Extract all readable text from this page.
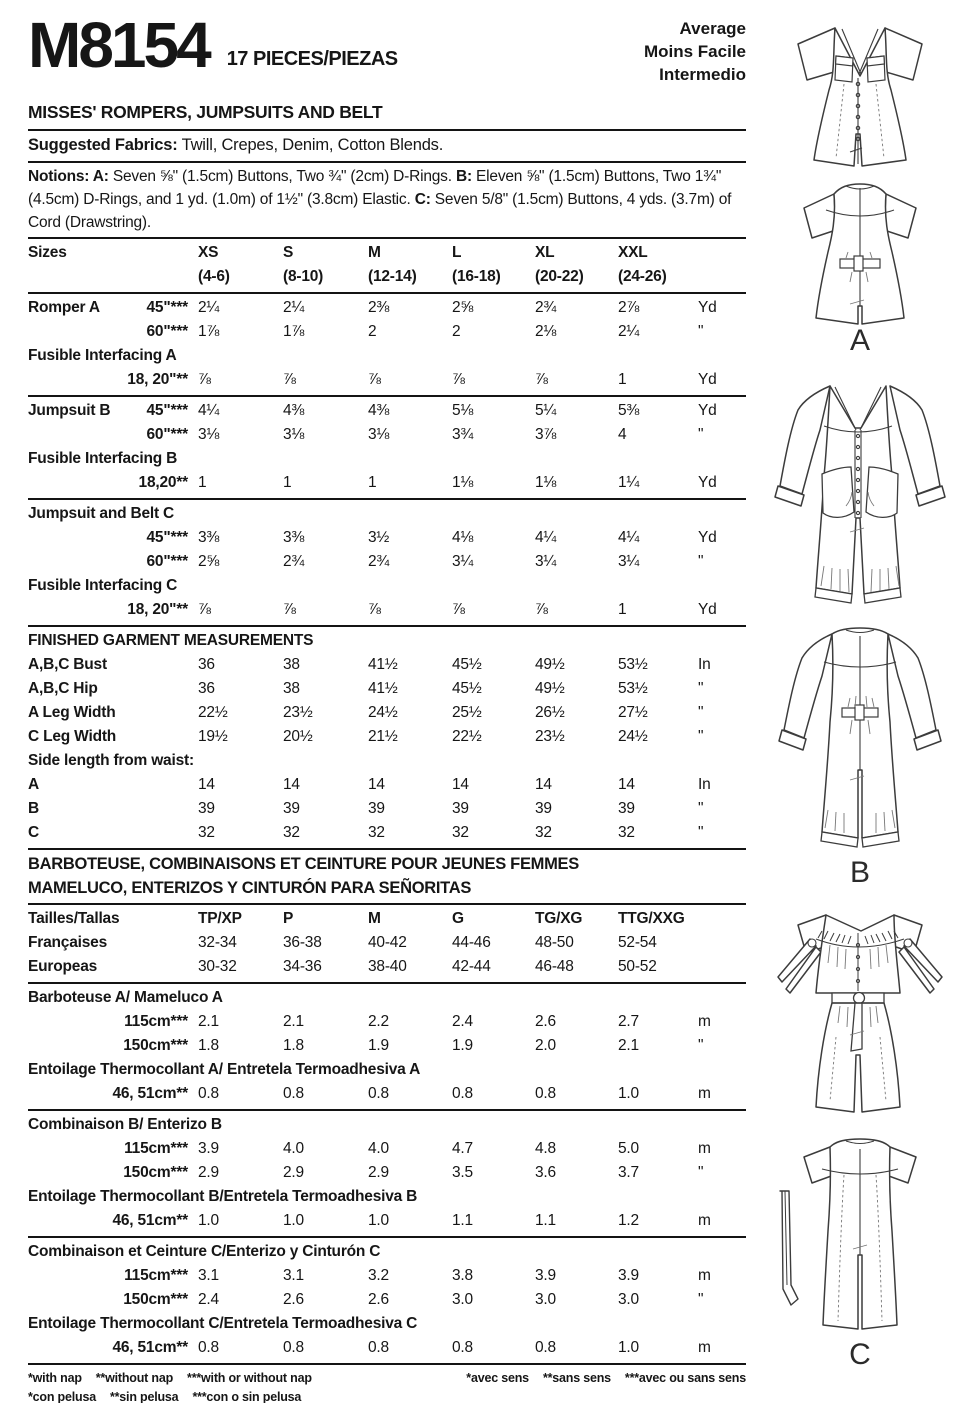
M8154 17 PIECES/PIEZAS
Average
Moins Facile
Intermedio
MISSES' ROMPERS, JUMPSUITS AND BELT
Suggested Fabrics: Twill, Crepes, Denim, Cotton Blends.
Notions: A: Seven ⅝" (1.5cm) Buttons, Two ¾" (2cm) D-Rings. B: Eleven ⅝" (1.5cm) Buttons, Two 1¾" (4.5cm) D-Rings, and 1 yd. (1.0m) of 1½" (3.8cm) Elastic. C: Seven 5/8" (1.5cm) Buttons, 4 yds. (3.7m) of Cord (Drawstring).
Sizes	XS	S	M	L	XL	XXL
(4-6)	(8-10)	(12-14)	(16-18)	(20-22)	(24-26)
Romper A	45"*** 2¼	2¼	2⅜	2⅝	2¾	2⅞	Yd
60"*** 1⅞	1⅞	2	2	2⅛	2¼	"
Fusible Interfacing A
18, 20"** ⅞	⅞	⅞	⅞	⅞	1	Yd
Jumpsuit B 45"*** 4¼	4⅜	4⅜	5⅛	5¼	5⅜	Yd
60"*** 3⅛	3⅛	3⅛	3¾	3⅞	4	"
Fusible Interfacing B
18,20** 1	1	1	1⅛	1⅛	1¼	Yd
Jumpsuit and Belt C
45"*** 3⅜	3⅜	3½	4⅛	4¼	4¼	Yd
60"*** 2⅝	2¾	2¾	3¼	3¼	3¼	"
Fusible Interfacing C
18, 20"** ⅞	⅞	⅞	⅞	⅞	1	Yd
FINISHED GARMENT MEASUREMENTS
A,B,C Bust	36	38	41½	45½	49½	53½	In
A,B,C Hip	36	38	41½	45½	49½	53½	"
A Leg Width	22½	23½	24½	25½	26½	27½	"
C Leg Width	19½	20½	21½	22½	23½	24½	"
Side length from waist:
A	14	14	14	14	14	14	In
B	39	39	39	39	39	39	"
C	32	32	32	32	32	32	"
BARBOTEUSE, COMBINAISONS ET CEINTURE POUR JEUNES FEMMES
MAMELUCO, ENTERIZOS Y CINTURÓN PARA SEÑORITAS
Tailles/Tallas	TP/XP	P	M	G	TG/XG	TTG/XXG
Françaises	32-34	36-38	40-42	44-46	48-50	52-54
Europeas	30-32	34-36	38-40	42-44	46-48	50-52
Barboteuse A/ Mameluco A
115cm*** 2.1	2.1	2.2	2.4	2.6	2.7	m
150cm*** 1.8	1.8	1.9	1.9	2.0	2.1	"
Entoilage Thermocollant A/ Entretela Termoadhesiva A
46, 51cm** 0.8	0.8	0.8	0.8	0.8	1.0	m
Combinaison B/ Enterizo B
115cm*** 3.9	4.0	4.0	4.7	4.8	5.0	m
150cm*** 2.9	2.9	2.9	3.5	3.6	3.7	"
Entoilage Thermocollant B/Entretela Termoadhesiva B
46, 51cm** 1.0	1.0	1.0	1.1	1.1	1.2	m
Combinaison et Ceinture C/Enterizo y Cinturón C
115cm*** 3.1	3.1	3.2	3.8	3.9	3.9	m
150cm*** 2.4	2.6	2.6	3.0	3.0	3.0	"
Entoilage Thermocollant C/Entretela Termoadhesiva C
46, 51cm** 0.8	0.8	0.8	0.8	0.8	1.0	m
*with nap **without nap ***with or without nap	*avec sens **sans sens ***avec ou sans sens
*con pelusa **sin pelusa ***con o sin pelusa
A
B
C
